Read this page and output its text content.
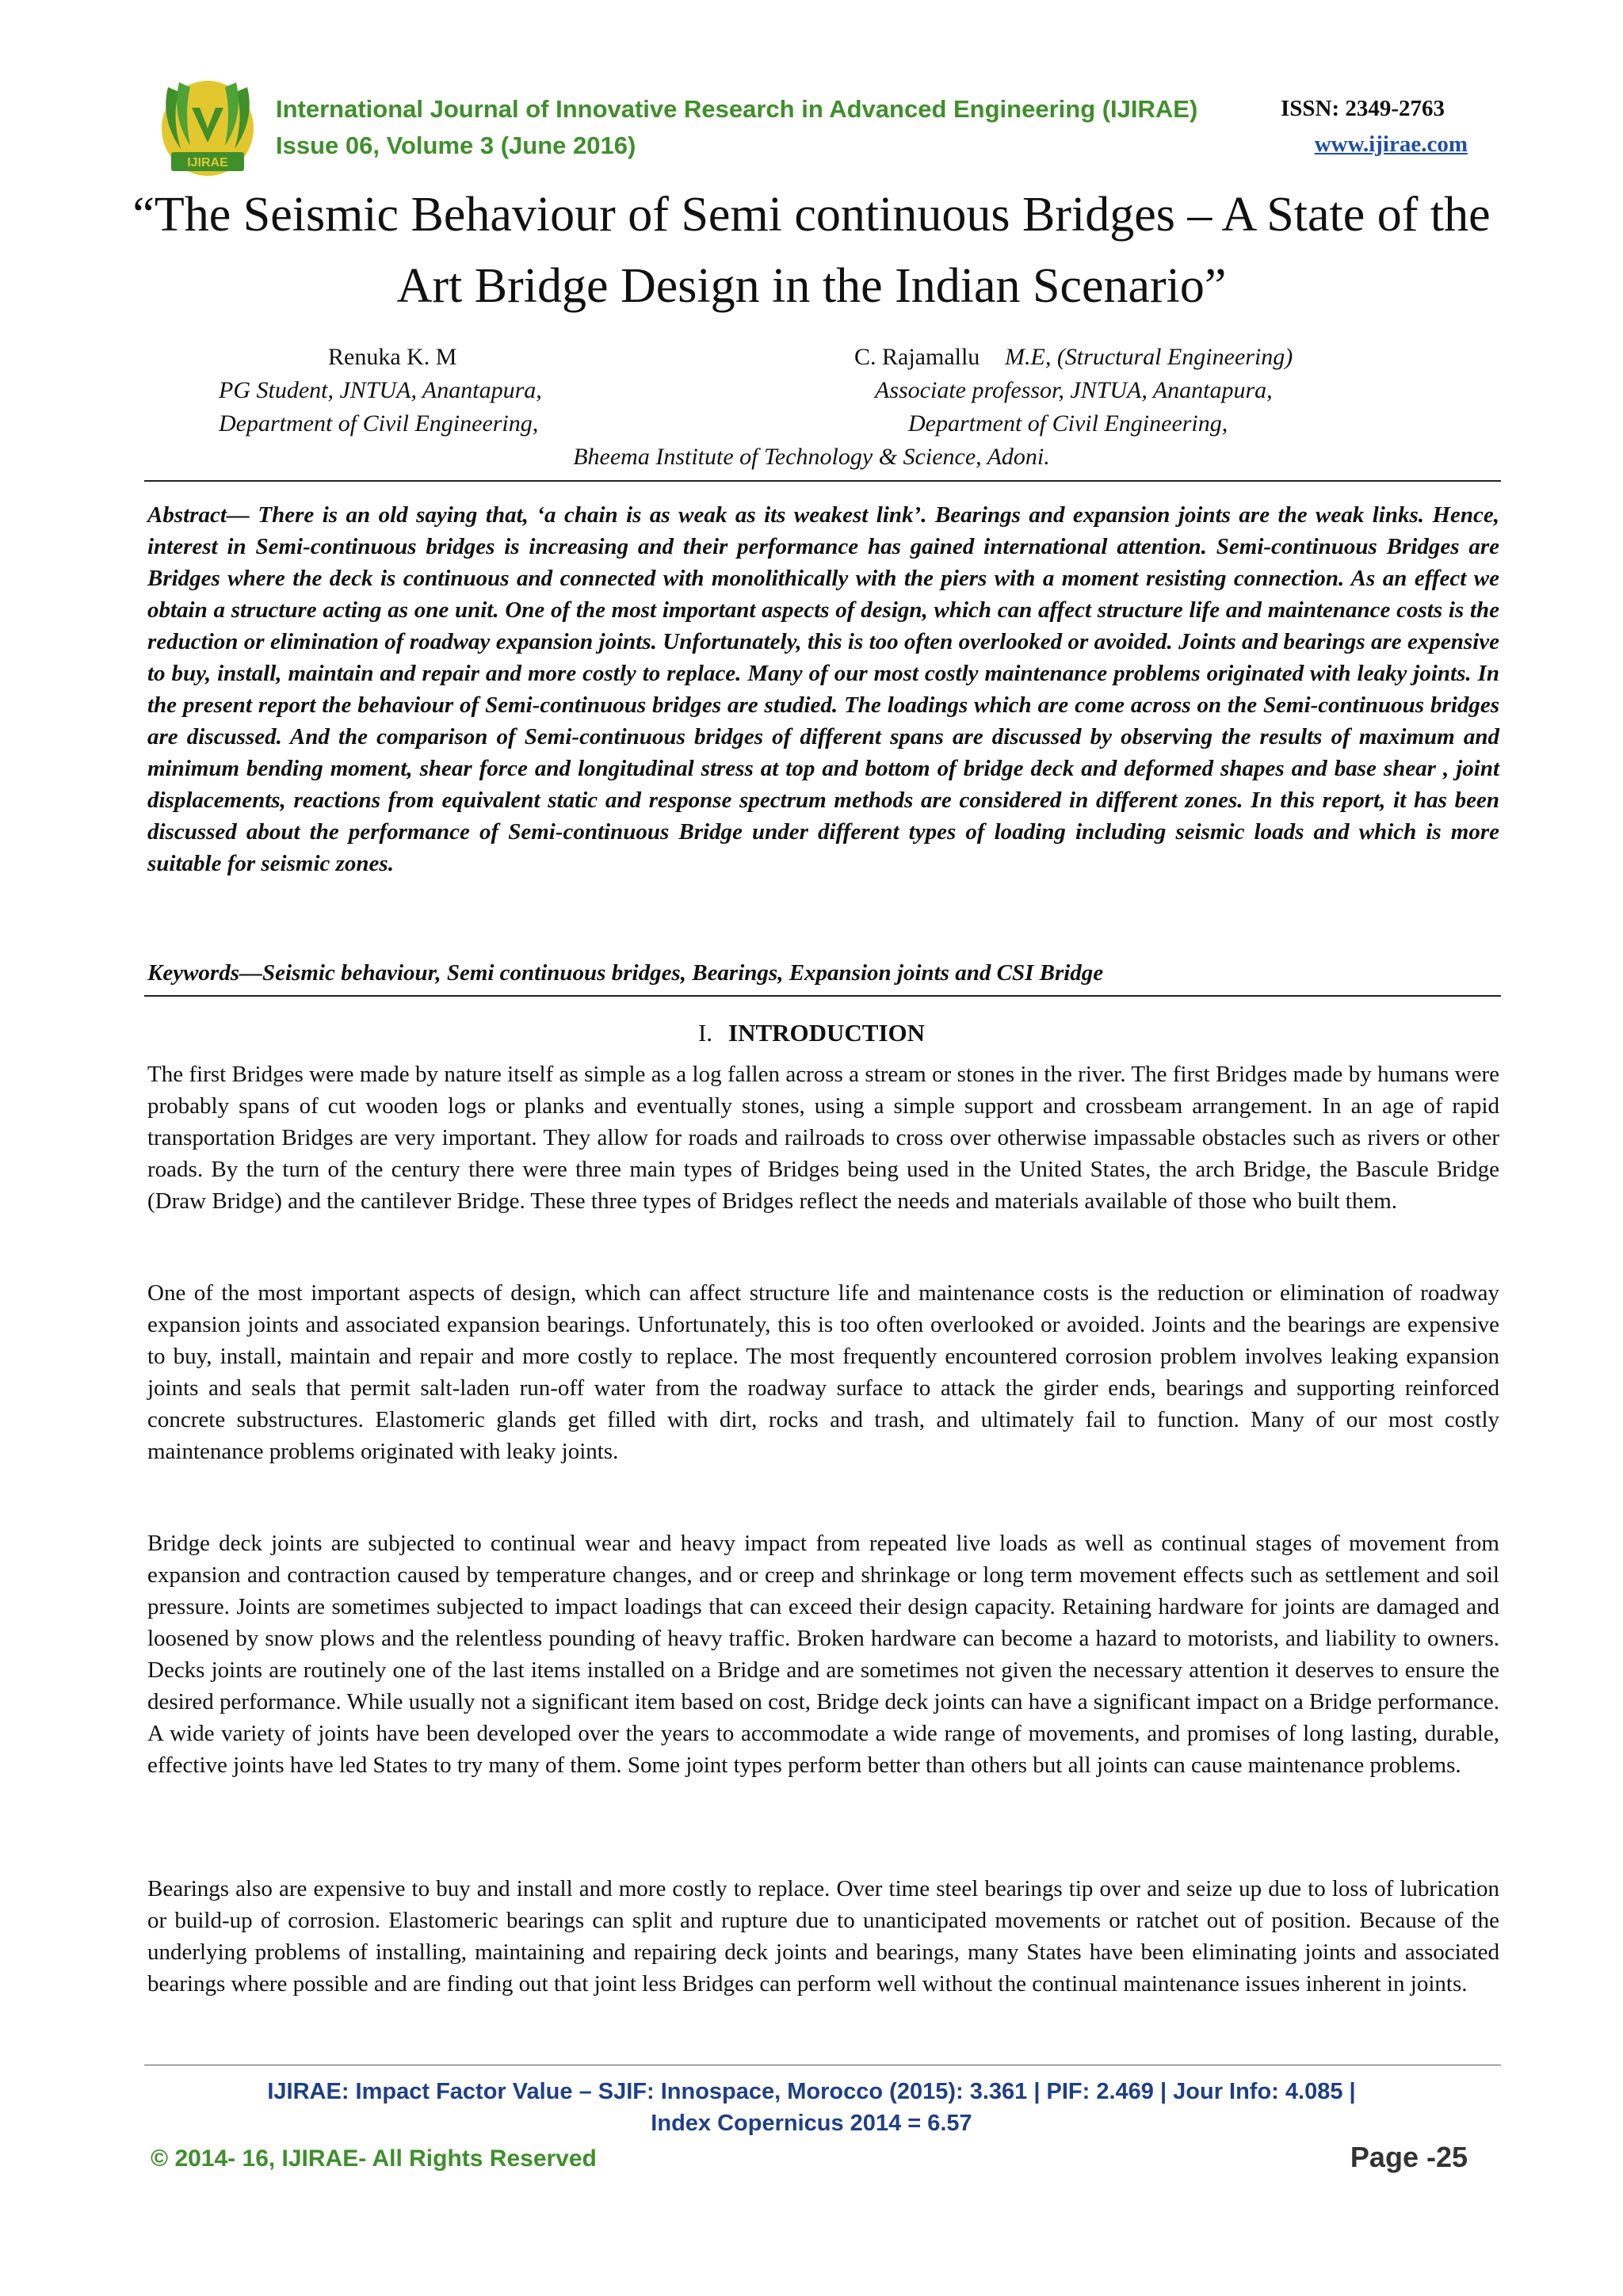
IJIRAE
International Journal of Innovative Research in Advanced Engineering (IJIRAE)	ISSN: 2349-2763
Issue 06, Volume 3 (June 2016)	www.ijirae.com
“The Seismic Behaviour of Semi continuous Bridges – A State of the Art Bridge Design in the Indian Scenario”
Renuka K. M
PG Student, JNTUA, Anantapura,
Department of Civil Engineering,
C. Rajamallu M.E, (Structural Engineering)
Associate professor, JNTUA, Anantapura,
Department of Civil Engineering,
Bheema Institute of Technology & Science, Adoni.
Abstract— There is an old saying that, ‘a chain is as weak as its weakest link’. Bearings and expansion joints are the weak links. Hence, interest in Semi-continuous bridges is increasing and their performance has gained international attention. Semi-continuous Bridges are Bridges where the deck is continuous and connected with monolithically with the piers with a moment resisting connection. As an effect we obtain a structure acting as one unit. One of the most important aspects of design, which can affect structure life and maintenance costs is the reduction or elimination of roadway expansion joints. Unfortunately, this is too often overlooked or avoided. Joints and bearings are expensive to buy, install, maintain and repair and more costly to replace. Many of our most costly maintenance problems originated with leaky joints. In the present report the behaviour of Semi-continuous bridges are studied. The loadings which are come across on the Semi-continuous bridges are discussed. And the comparison of Semi-continuous bridges of different spans are discussed by observing the results of maximum and minimum bending moment, shear force and longitudinal stress at top and bottom of bridge deck and deformed shapes and base shear , joint displacements, reactions from equivalent static and response spectrum methods are considered in different zones. In this report, it has been discussed about the performance of Semi-continuous Bridge under different types of loading including seismic loads and which is more suitable for seismic zones.
Keywords—Seismic behaviour, Semi continuous bridges, Bearings, Expansion joints and CSI Bridge
I. INTRODUCTION
The first Bridges were made by nature itself as simple as a log fallen across a stream or stones in the river. The first Bridges made by humans were probably spans of cut wooden logs or planks and eventually stones, using a simple support and crossbeam arrangement. In an age of rapid transportation Bridges are very important. They allow for roads and railroads to cross over otherwise impassable obstacles such as rivers or other roads. By the turn of the century there were three main types of Bridges being used in the United States, the arch Bridge, the Bascule Bridge (Draw Bridge) and the cantilever Bridge. These three types of Bridges reflect the needs and materials available of those who built them.
One of the most important aspects of design, which can affect structure life and maintenance costs is the reduction or elimination of roadway expansion joints and associated expansion bearings. Unfortunately, this is too often overlooked or avoided. Joints and the bearings are expensive to buy, install, maintain and repair and more costly to replace. The most frequently encountered corrosion problem involves leaking expansion joints and seals that permit salt-laden run-off water from the roadway surface to attack the girder ends, bearings and supporting reinforced concrete substructures. Elastomeric glands get filled with dirt, rocks and trash, and ultimately fail to function. Many of our most costly maintenance problems originated with leaky joints.
Bridge deck joints are subjected to continual wear and heavy impact from repeated live loads as well as continual stages of movement from expansion and contraction caused by temperature changes, and or creep and shrinkage or long term movement effects such as settlement and soil pressure. Joints are sometimes subjected to impact loadings that can exceed their design capacity. Retaining hardware for joints are damaged and loosened by snow plows and the relentless pounding of heavy traffic. Broken hardware can become a hazard to motorists, and liability to owners. Decks joints are routinely one of the last items installed on a Bridge and are sometimes not given the necessary attention it deserves to ensure the desired performance. While usually not a significant item based on cost, Bridge deck joints can have a significant impact on a Bridge performance. A wide variety of joints have been developed over the years to accommodate a wide range of movements, and promises of long lasting, durable, effective joints have led States to try many of them. Some joint types perform better than others but all joints can cause maintenance problems.
Bearings also are expensive to buy and install and more costly to replace. Over time steel bearings tip over and seize up due to loss of lubrication or build-up of corrosion. Elastomeric bearings can split and rupture due to unanticipated movements or ratchet out of position. Because of the underlying problems of installing, maintaining and repairing deck joints and bearings, many States have been eliminating joints and associated bearings where possible and are finding out that joint less Bridges can perform well without the continual maintenance issues inherent in joints.
IJIRAE: Impact Factor Value – SJIF: Innospace, Morocco (2015): 3.361 | PIF: 2.469 | Jour Info: 4.085 |
Index Copernicus 2014 = 6.57
© 2014- 16, IJIRAE- All Rights Reserved	Page -25
